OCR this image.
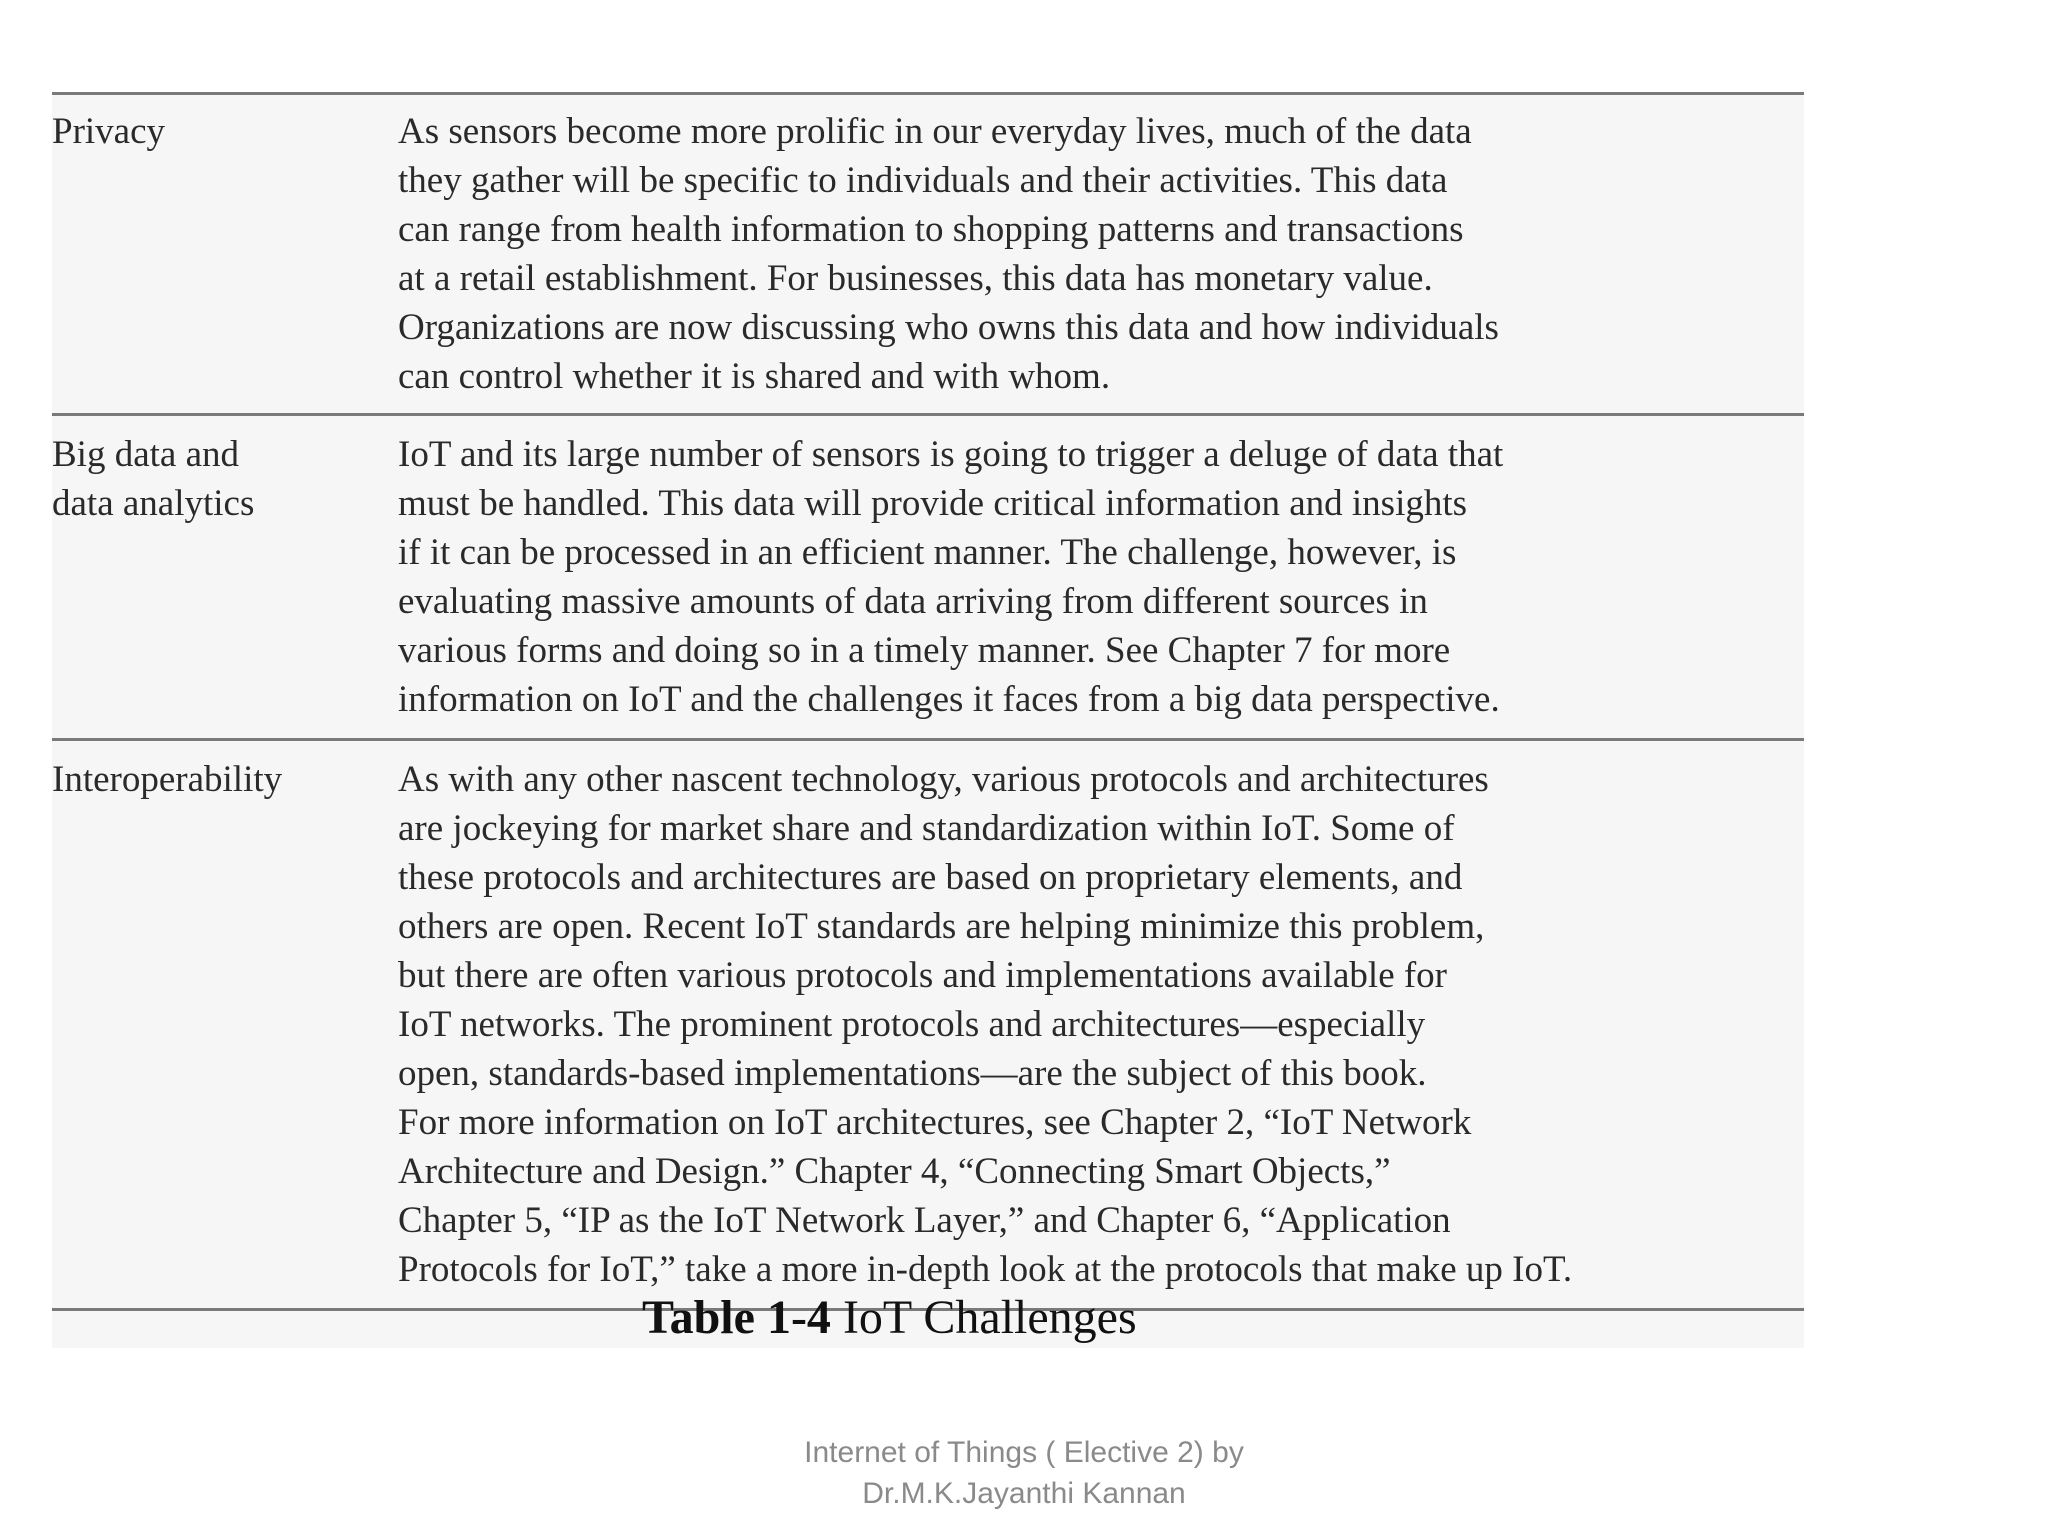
Privacy	As sensors become more prolific in our everyday lives, much of the data
they gather will be specific to individuals and their activities. This data
can range from health information to shopping patterns and transactions
at a retail establishment. For businesses, this data has monetary value.
Organizations are now discussing who owns this data and how individuals
can control whether it is shared and with whom.
Big data and
data analytics
IoT and its large number of sensors is going to trigger a deluge of data that
must be handled. This data will provide critical information and insights
if it can be processed in an efficient manner. The challenge, however, is
evaluating massive amounts of data arriving from different sources in
various forms and doing so in a timely manner. See Chapter 7 for more
information on IoT and the challenges it faces from a big data perspective.
Interoperability	As with any other nascent technology, various protocols and architectures
are jockeying for market share and standardization within IoT. Some of
these protocols and architectures are based on proprietary elements, and
others are open. Recent IoT standards are helping minimize this problem,
but there are often various protocols and implementations available for
IoT networks. The prominent protocols and architectures—especially
open, standards-based implementations—are the subject of this book.
For more information on IoT architectures, see Chapter 2, “IoT Network
Architecture and Design.” Chapter 4, “Connecting Smart Objects,”
Chapter 5, “IP as the IoT Network Layer,” and Chapter 6, “Application
Protocols for IoT,” take a more in-depth look at the protocols that make up IoT.
Table 1-4 IoT Challenges
Internet of Things ( Elective 2) by
Dr.M.K.Jayanthi Kannan
